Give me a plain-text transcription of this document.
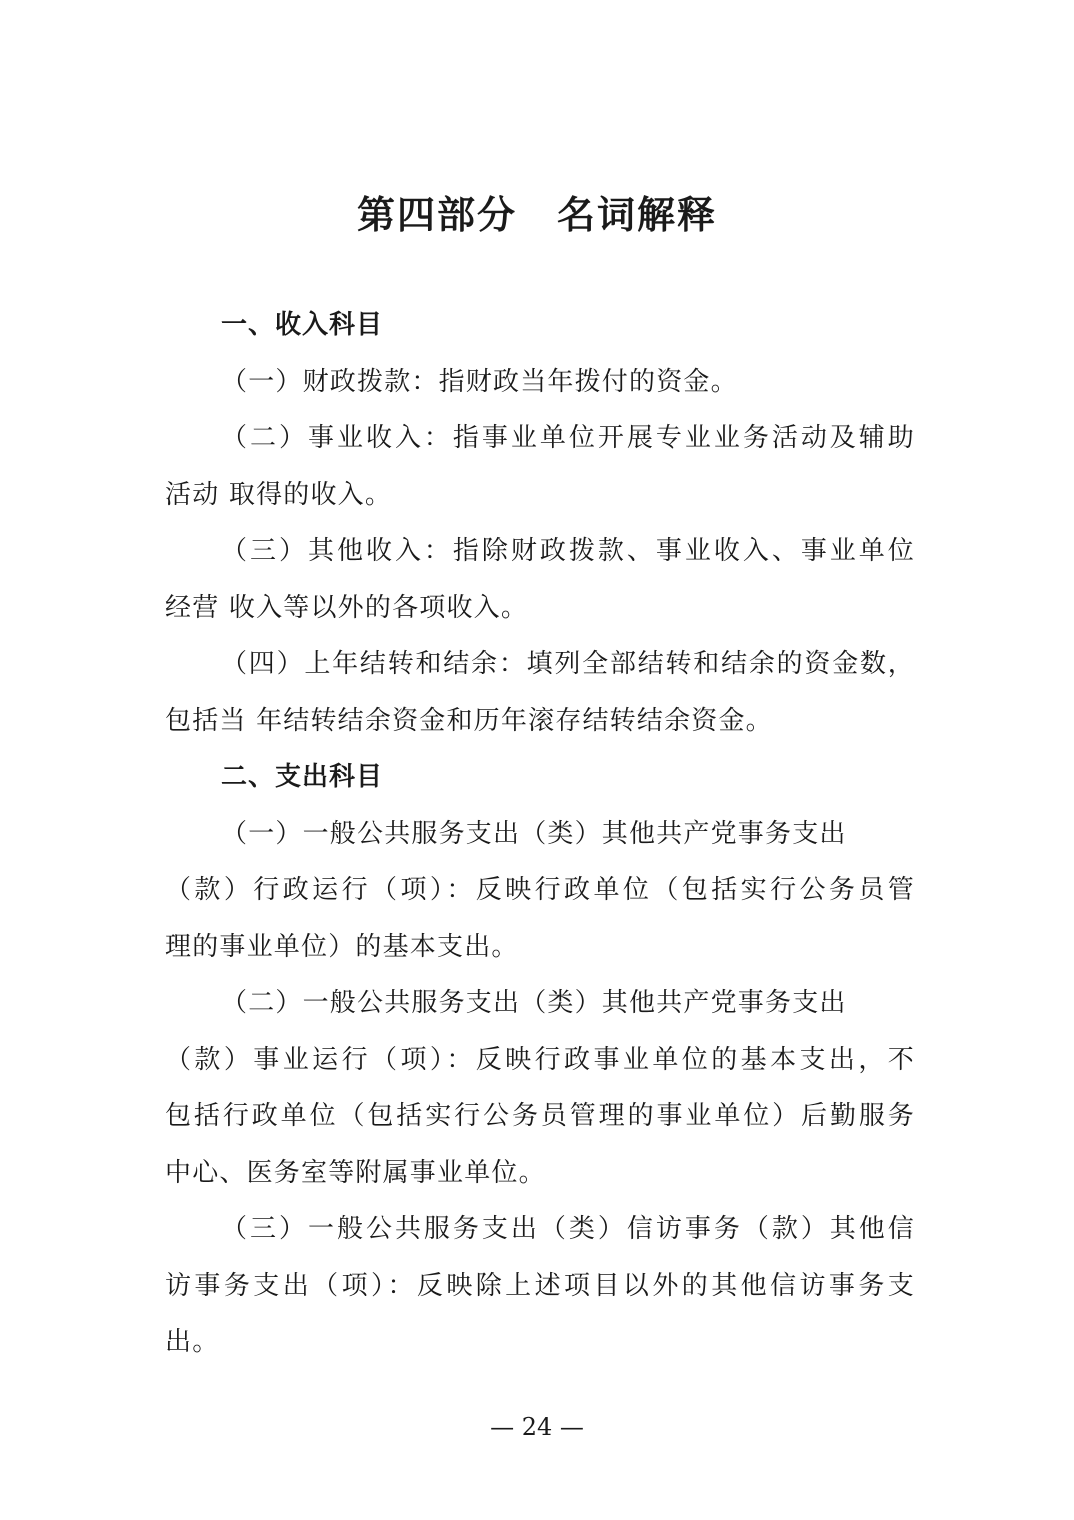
第四部分　名词解释
一、收入科目
（一）财政拨款：指财政当年拨付的资金。
（二）事业收入：指事业单位开展专业业务活动及辅助
活动 取得的收入。
（三）其他收入：指除财政拨款、事业收入、事业单位
经营 收入等以外的各项收入。
（四）上年结转和结余：填列全部结转和结余的资金数，
包括当 年结转结余资金和历年滚存结转结余资金。
二、支出科目
（一）一般公共服务支出（类）其他共产党事务支出
（款）行政运行（项）：反映行政单位（包括实行公务员管
理的事业单位）的基本支出。
（二）一般公共服务支出（类）其他共产党事务支出
（款）事业运行（项）：反映行政事业单位的基本支出，不
包括行政单位（包括实行公务员管理的事业单位）后勤服务
中心、医务室等附属事业单位。
（三）一般公共服务支出（类）信访事务（款）其他信
访事务支出（项）：反映除上述项目以外的其他信访事务支
出。
— 24 —
